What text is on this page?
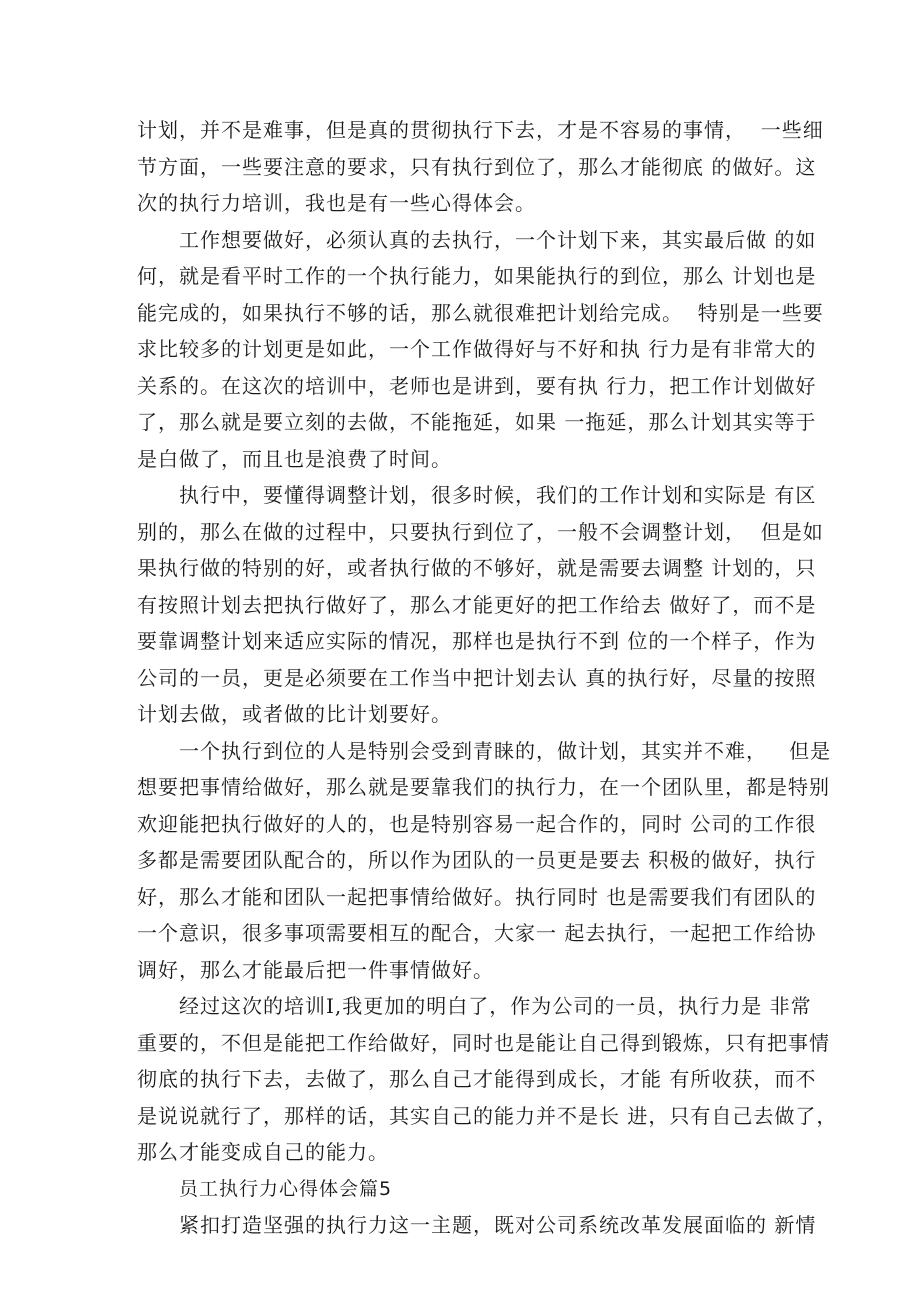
计划，并不是难事，但是真的贯彻执行下去，才是不容易的事情，  一些细
节方面，一些要注意的要求，只有执行到位了，那么才能彻底 的做好。这
次的执行力培训，我也是有一些心得体会。
工作想要做好，必须认真的去执行，一个计划下来，其实最后做 的如
何，就是看平时工作的一个执行能力，如果能执行的到位，那么 计划也是
能完成的，如果执行不够的话，那么就很难把计划给完成。  特别是一些要
求比较多的计划更是如此，一个工作做得好与不好和执 行力是有非常大的
关系的。在这次的培训中，老师也是讲到，要有执 行力，把工作计划做好
了，那么就是要立刻的去做，不能拖延，如果 一拖延，那么计划其实等于
是白做了，而且也是浪费了时间。
执行中，要懂得调整计划，很多时候，我们的工作计划和实际是 有区
别的，那么在做的过程中，只要执行到位了，一般不会调整计划，  但是如
果执行做的特别的好，或者执行做的不够好，就是需要去调整 计划的，只
有按照计划去把执行做好了，那么才能更好的把工作给去 做好了，而不是
要靠调整计划来适应实际的情况，那样也是执行不到 位的一个样子，作为
公司的一员，更是必须要在工作当中把计划去认 真的执行好，尽量的按照
计划去做，或者做的比计划要好。
一个执行到位的人是特别会受到青睐的，做计划，其实并不难，   但是
想要把事情给做好，那么就是要靠我们的执行力，在一个团队里，都是特别
欢迎能把执行做好的人的，也是特别容易一起合作的，同时 公司的工作很
多都是需要团队配合的，所以作为团队的一员更是要去 积极的做好，执行
好，那么才能和团队一起把事情给做好。执行同时 也是需要我们有团队的
一个意识，很多事项需要相互的配合，大家一 起去执行，一起把工作给协
调好，那么才能最后把一件事情做好。
经过这次的培训I,我更加的明白了，作为公司的一员，执行力是 非常
重要的，不但是能把工作给做好，同时也是能让自己得到锻炼，只有把事情
彻底的执行下去，去做了，那么自己才能得到成长，才能 有所收获，而不
是说说就行了，那样的话，其实自己的能力并不是长 进，只有自己去做了，
那么才能变成自己的能力。
员工执行力心得体会篇5
紧扣打造坚强的执行力这一主题，既对公司系统改革发展面临的 新情
